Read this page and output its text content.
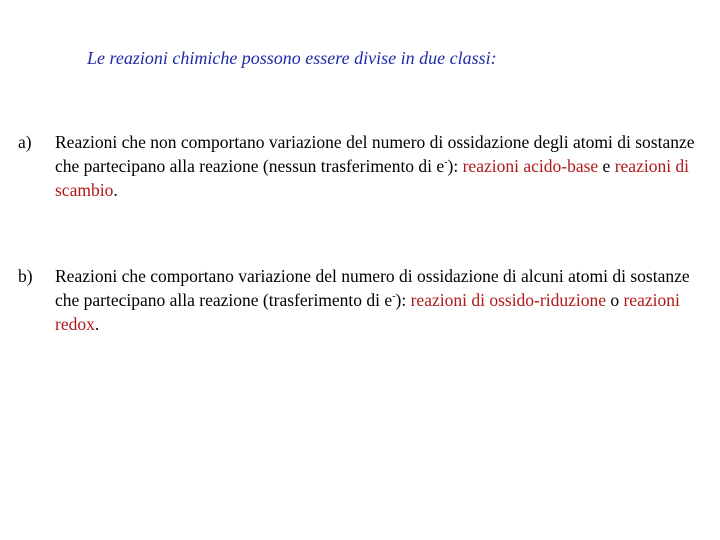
Le reazioni chimiche possono essere divise in due classi:
a) Reazioni che non comportano variazione del numero di ossidazione degli atomi di sostanze che partecipano alla reazione (nessun trasferimento di e-): reazioni acido-base e reazioni di scambio.
b) Reazioni che comportano variazione del numero di ossidazione di alcuni atomi di sostanze che partecipano alla reazione (trasferimento di e-): reazioni di ossido-riduzione o reazioni redox.
